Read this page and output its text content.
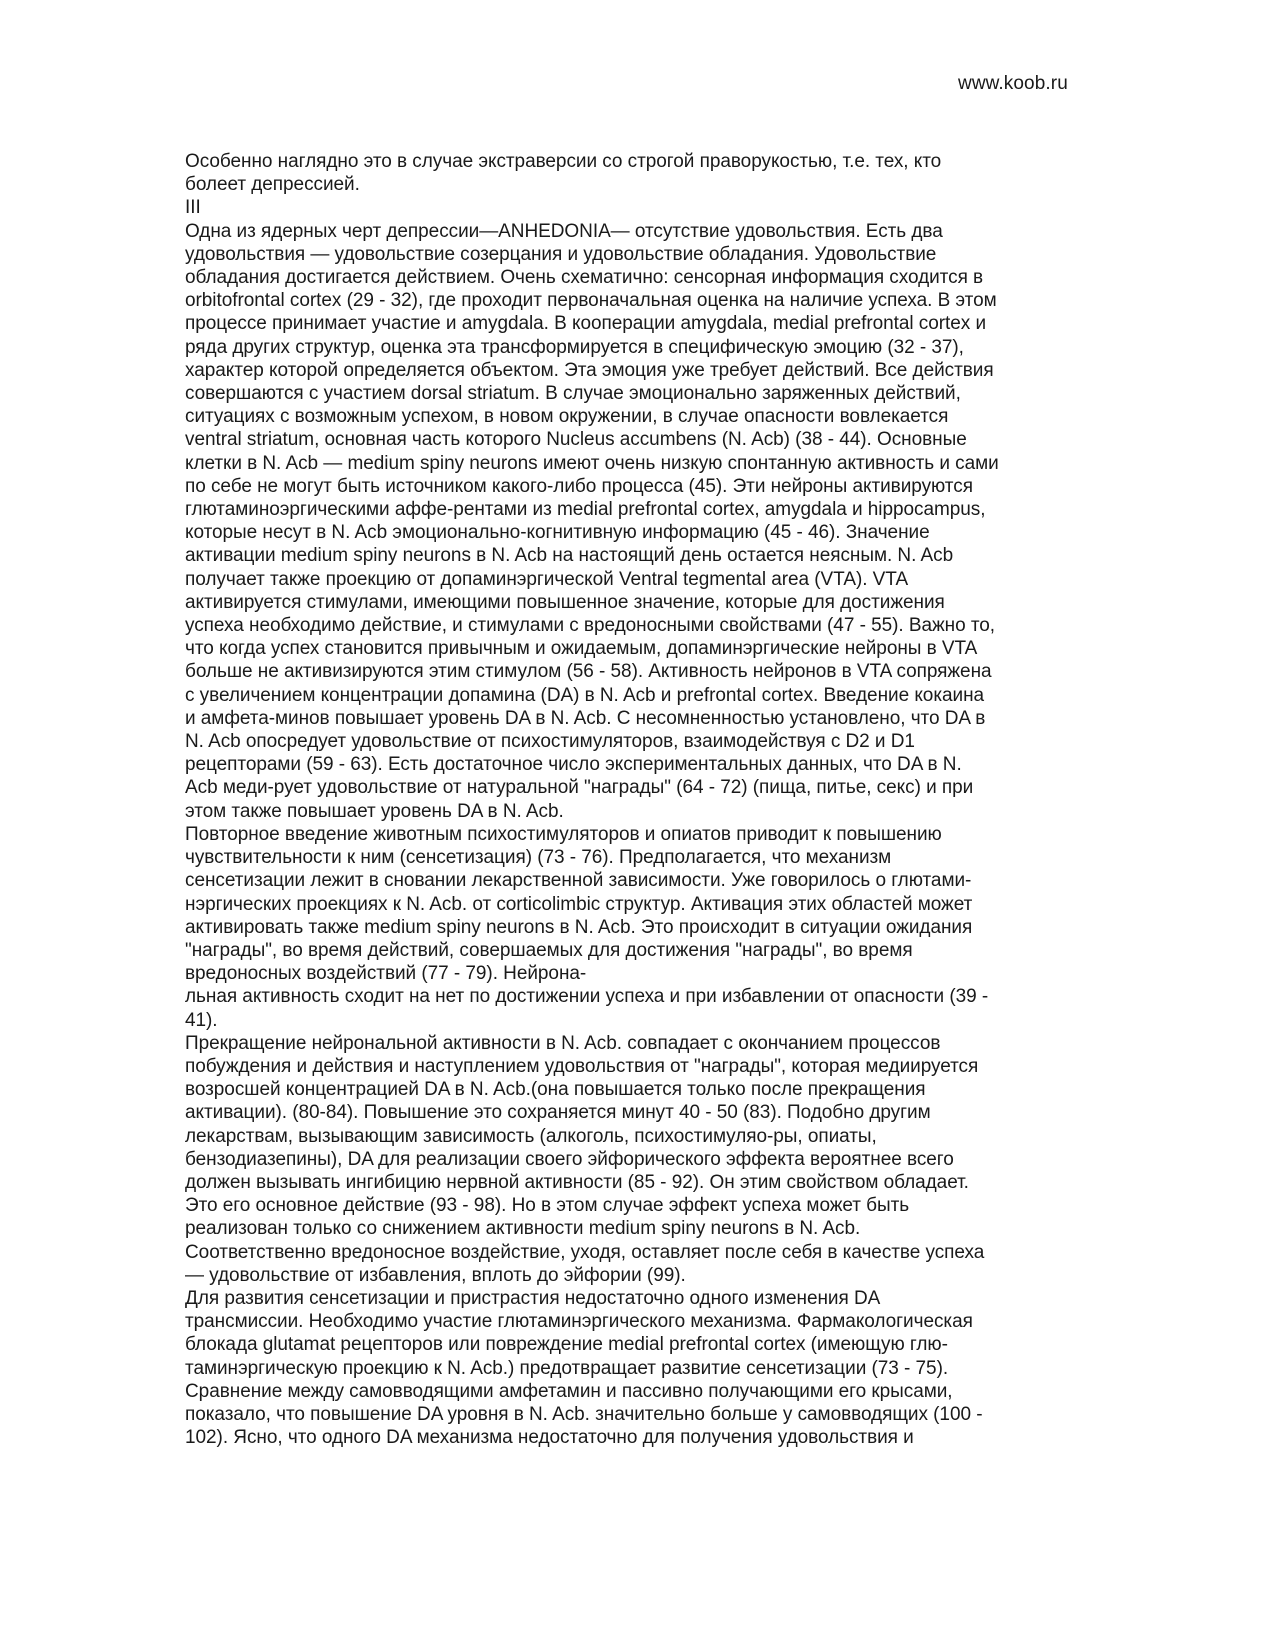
www.koob.ru
Особенно наглядно это в случае экстраверсии со строгой праворукостью, т.е. тех, кто
болеет депрессией.
III
Одна из ядерных черт депрессии—ANHEDONIA— отсутствие удовольствия. Есть два
удовольствия — удовольствие созерцания и удовольствие обладания. Удовольствие
обладания достигается действием. Очень схематично: сенсорная информация сходится в
orbitofrontal cortex (29 - 32), где проходит первоначальная оценка на наличие успеха. В этом
процессе принимает участие и amygdala. В кооперации amygdala, medial prefrontal cortex и
ряда других структур, оценка эта трансформируется в специфическую эмоцию (32 - 37),
характер которой определяется объектом. Эта эмоция уже требует действий. Все действия
совершаются с участием dorsal striatum. В случае эмоционально заряженных действий,
ситуациях с возможным успехом, в новом окружении, в случае опасности вовлекается
ventral striatum, основная часть которого Nucleus accumbens (N. Acb) (38 - 44). Основные
клетки в N. Acb — medium spiny neurons имеют очень низкую спонтанную активность и сами
по себе не могут быть источником какого-либо процесса (45). Эти нейроны активируются
глютаминоэргическими аффе-рентами из medial prefrontal cortex, amygdala и hippocampus,
которые несут в N. Acb эмоционально-когнитивную информацию (45 - 46). Значение
активации medium spiny neurons в N. Acb на настоящий день остается неясным. N. Acb
получает также проекцию от допаминэргической Ventral tegmental area (VTA). VTA
активируется стимулами, имеющими повышенное значение, которые для достижения
успеха необходимо действие, и стимулами с вредоносными свойствами (47 - 55). Важно то,
что когда успех становится привычным и ожидаемым, допаминэргические нейроны в VTA
больше не активизируются этим стимулом (56 - 58). Активность нейронов в VTA сопряжена
с увеличением концентрации допамина (DA) в N. Acb и prefrontal cortex. Введение кокаина
и амфета-минов повышает уровень DA в N. Acb. С несомненностью установлено, что DA в
N. Acb опосредует удовольствие от психостимуляторов, взаимодействуя с D2 и D1
рецепторами (59 - 63). Есть достаточное число экспериментальных данных, что DA в N.
Acb меди-рует удовольствие от натуральной "награды" (64 - 72) (пища, питье, секс) и при
этом также повышает уровень DA в N. Acb.
Повторное введение животным психостимуляторов и опиатов приводит к повышению
чувствительности к ним (сенсетизация) (73 - 76). Предполагается, что механизм
сенсетизации лежит в сновании лекарственной зависимости. Уже говорилось о глютами-
нэргических проекциях к N. Acb. от corticolimbic структур. Активация этих областей может
активировать также medium spiny neurons в N. Acb. Это происходит в ситуации ожидания
"награды", во время действий, совершаемых для достижения "награды", во время
вредоносных воздействий (77 - 79). Нейрона-
льная активность сходит на нет по достижении успеха и при избавлении от опасности (39 -
41).
Прекращение нейрональной активности в N. Acb. совпадает с окончанием процессов
побуждения и действия и наступлением удовольствия от "награды", которая медиируется
возросшей концентрацией DA в N. Acb.(она повышается только после прекращения
активации). (80-84). Повышение это сохраняется минут 40 - 50 (83). Подобно другим
лекарствам, вызывающим зависимость (алкоголь, психостимуляо-ры, опиаты,
бензодиазепины), DA для реализации своего эйфорического эффекта вероятнее всего
должен вызывать ингибицию нервной активности (85 - 92). Он этим свойством обладает.
Это его основное действие (93 - 98). Но в этом случае эффект успеха может быть
реализован только со снижением активности medium spiny neurons в N. Acb.
Соответственно вредоносное воздействие, уходя, оставляет после себя в качестве успеха
— удовольствие от избавления, вплоть до эйфории (99).
Для развития сенсетизации и пристрастия недостаточно одного изменения DA
трансмиссии. Необходимо участие глютаминэргического механизма. Фармакологическая
блокада glutamat рецепторов или повреждение medial prefrontal cortex (имеющую глю-
таминэргическую проекцию к N. Acb.) предотвращает развитие сенсетизации (73 - 75).
Сравнение между самовводящими амфетамин и пассивно получающими его крысами,
показало, что повышение DA уровня в N. Acb. значительно больше у самовводящих (100 -
102). Ясно, что одного DA механизма недостаточно для получения удовольствия и
